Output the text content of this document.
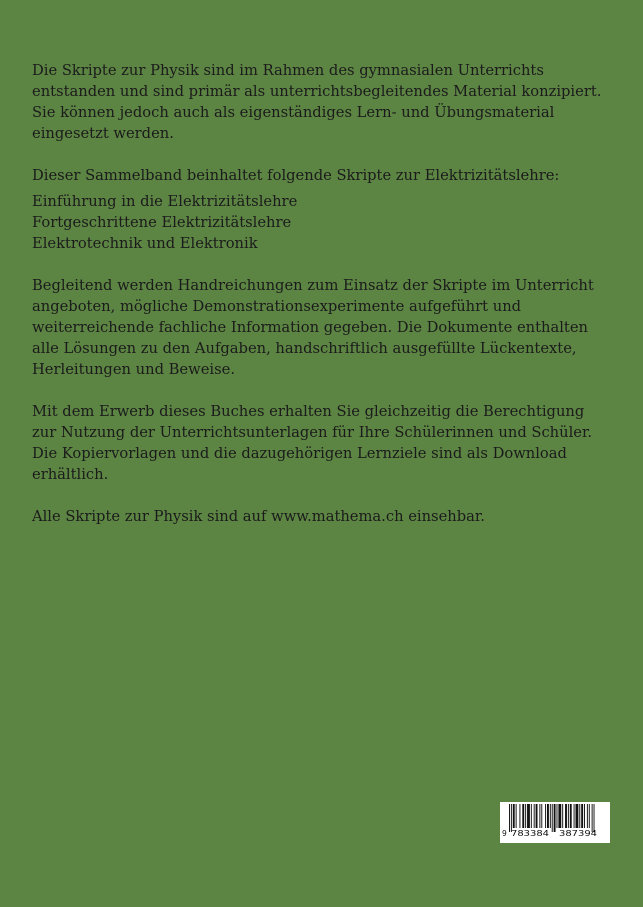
Die Skripte zur Physik sind im Rahmen des gymnasialen Unterrichts entstanden und sind primär als unterrichtsbegleitendes Material konzipiert. Sie können jedoch auch als eigenständiges Lern- und Übungsmaterial eingesetzt werden.

Dieser Sammelband beinhaltet folgende Skripte zur Elektrizitätslehre:

Einführung in die Elektrizitätslehre
Fortgeschrittene Elektrizitätslehre
Elektrotechnik und Elektronik

Begleitend werden Handreichungen zum Einsatz der Skripte im Unterricht angeboten, mögliche Demonstrationsexperimente aufgeführt und weiterreichende fachliche Information gegeben. Die Dokumente enthalten alle Lösungen zu den Aufgaben, handschriftlich ausgefüllte Lückentexte, Herleitungen und Beweise.

Mit dem Erwerb dieses Buches erhalten Sie gleichzeitig die Berechtigung zur Nutzung der Unterrichtsunterlagen für Ihre Schülerinnen und Schüler. Die Kopiervorlagen und die dazugehörigen Lernziele sind als Download erhältlich.

Alle Skripte zur Physik sind auf www.mathema.ch einsehbar.

9 783384 387394
